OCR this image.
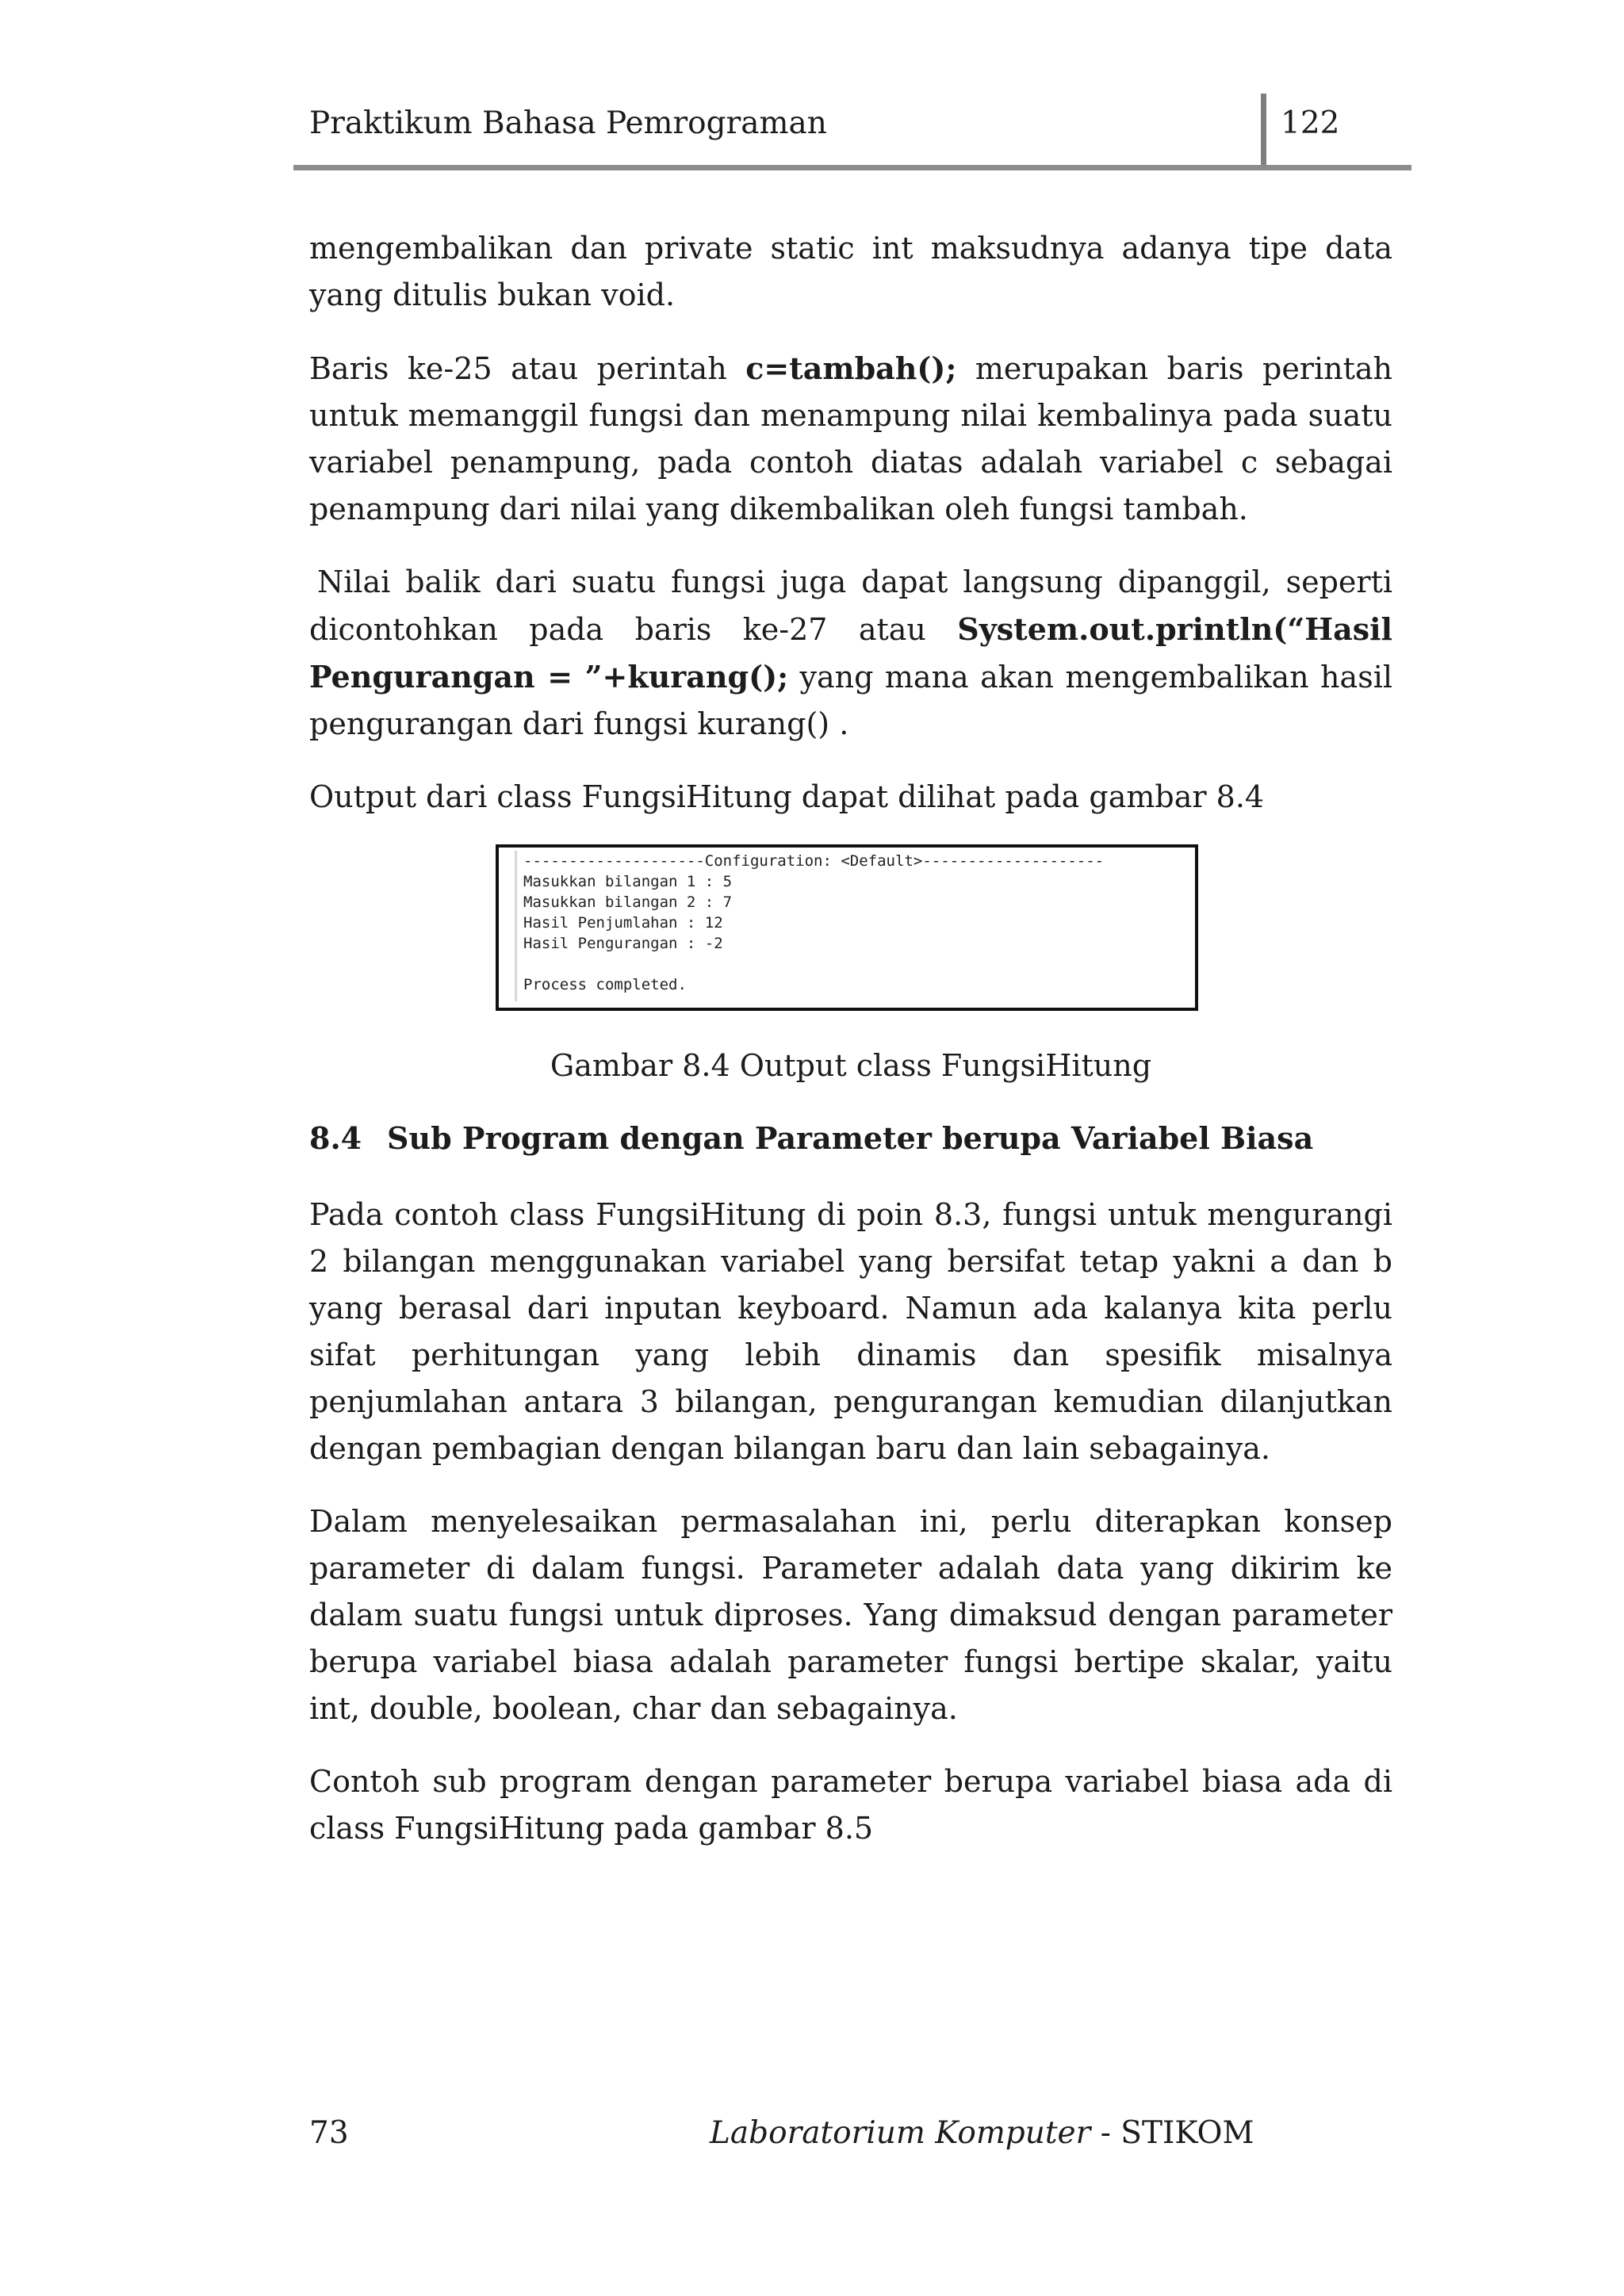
Praktikum Bahasa Pemrograman	122

mengembalikan dan private static int maksudnya adanya tipe data yang ditulis bukan void.

Baris ke-25 atau perintah c=tambah(); merupakan baris perintah untuk memanggil fungsi dan menampung nilai kembalinya pada suatu variabel penampung, pada contoh diatas adalah variabel c sebagai penampung dari nilai yang dikembalikan oleh fungsi tambah.

Nilai balik dari suatu fungsi juga dapat langsung dipanggil, seperti dicontohkan pada baris ke-27 atau System.out.println(“Hasil Pengurangan = ”+kurang(); yang mana akan mengembalikan hasil pengurangan dari fungsi kurang() .

Output dari class FungsiHitung dapat dilihat pada gambar 8.4

--------------------Configuration: <Default>--------------------
Masukkan bilangan 1 : 5
Masukkan bilangan 2 : 7
Hasil Penjumlahan : 12
Hasil Pengurangan : -2
Process completed.
Gambar 8.4 Output class FungsiHitung
8.4 Sub Program dengan Parameter berupa Variabel Biasa

Pada contoh class FungsiHitung di poin 8.3, fungsi untuk mengurangi 2 bilangan menggunakan variabel yang bersifat tetap yakni a dan b yang berasal dari inputan keyboard. Namun ada kalanya kita perlu sifat perhitungan yang lebih dinamis dan spesifik misalnya penjumlahan antara 3 bilangan, pengurangan kemudian dilanjutkan dengan pembagian dengan bilangan baru dan lain sebagainya.

Dalam menyelesaikan permasalahan ini, perlu diterapkan konsep parameter di dalam fungsi. Parameter adalah data yang dikirim ke dalam suatu fungsi untuk diproses. Yang dimaksud dengan parameter berupa variabel biasa adalah parameter fungsi bertipe skalar, yaitu int, double, boolean, char dan sebagainya.

Contoh sub program dengan parameter berupa variabel biasa ada di class FungsiHitung pada gambar 8.5

73	Laboratorium Komputer - STIKOM
